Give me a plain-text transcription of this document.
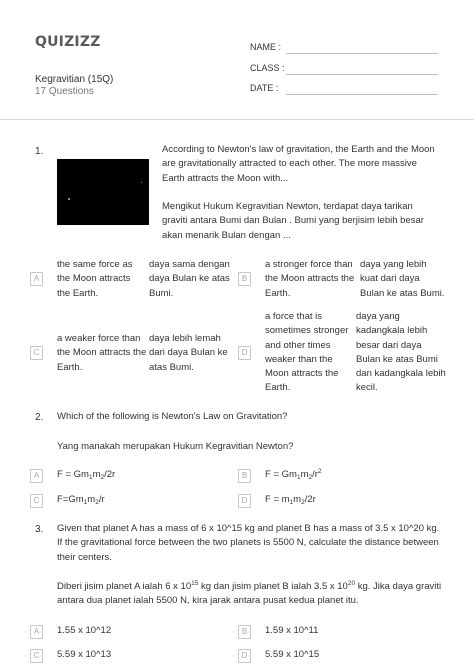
QUIZIZZ
Kegravitian (15Q)
17 Questions
NAME :
CLASS :
DATE :
1.	According to Newton's law of gravitation, the Earth and the Moon are gravitationally attracted to each other. The more massive Earth attracts the Moon with...
Mengikut Hukum Kegravitian Newton, terdapat daya tarikan graviti antara Bumi dan Bulan . Bumi yang berjisim lebih besar akan menarik Bulan dengan ...
A
the same force as the Moon attracts the Earth.
daya sama dengan daya Bulan ke atas Bumi.
B
a stronger force than the Moon attracts the Earth.
daya yang lebih kuat dari daya Bulan ke atas Bumi.
C
a weaker force than the Moon attracts the Earth.
daya lebih lemah dari daya Bulan ke atas Bumi.
D
a force that is sometimes stronger and other times weaker than the Moon attracts the Earth.
daya yang kadangkala lebih besar dari daya Bulan ke atas Bumi dan kadangkala lebih kecil.
2. Which of the following is Newton's Law on Gravitation?
Yang manakah merupakan Hukum Kegravitian Newton?
A	$F = Gm_1m_2/2r$	B	$F = Gm_1m_2/r^2$
C	$F=Gm_1m_2/r$	D	$F = m_1m_2/2r$
3. Given that planet A has a mass of 6 x 10^15 kg and planet B has a mass of 3.5 x 10^20 kg. If the gravitational force between the two planets is 5500 N, calculate the distance between their centers.
Diberi jisim planet A ialah 6 x $10^{15}$ kg dan jisim planet B ialah 3.5 x $10^{20}$ kg. Jika daya graviti antara dua planet ialah 5500 N, kira jarak antara pusat kedua planet itu.
A	1.55 x 10^12	B	1.59 x 10^11
C	5.59 x 10^13	D	5.59 x 10^15
